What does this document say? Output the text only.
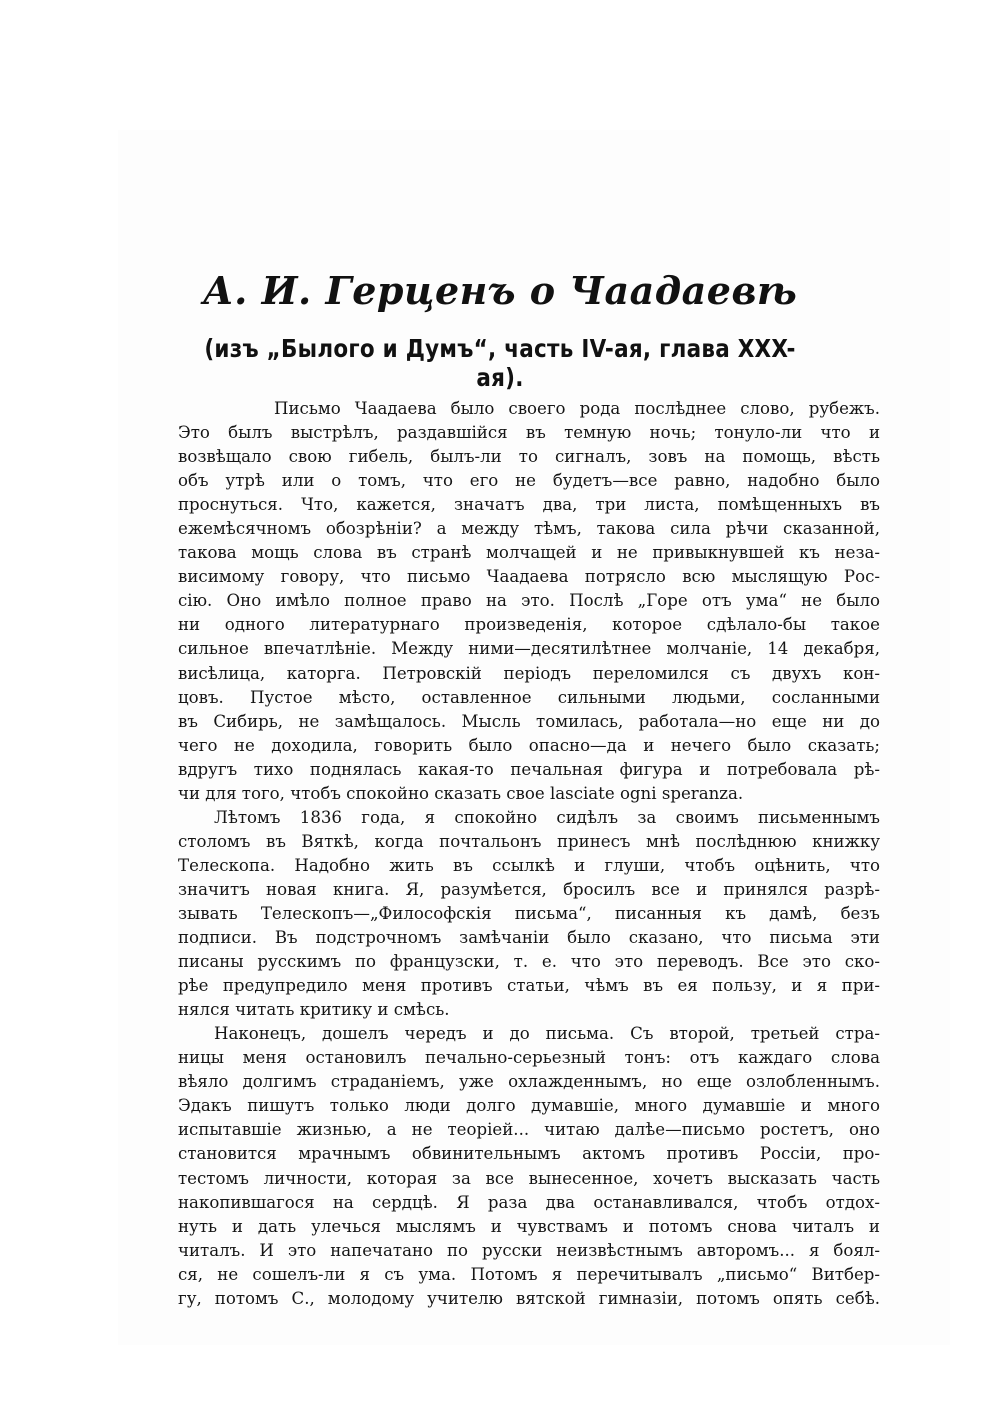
А. И. Герценъ о Чаадаевѣ
(изъ „Былого и Думъ“, часть IV-ая, глава XXX-ая).

Письмо Чаадаева было своего рода послѣднее слово, рубежъ.
Это былъ выстрѣлъ, раздавшійся въ темную ночь; тонуло-ли что и
возвѣщало свою гибель, былъ-ли то сигналъ, зовъ на помощь, вѣсть
объ утрѣ или о томъ, что его не будетъ—все равно, надобно было
проснуться. Что, кажется, значатъ два, три листа, помѣщенныхъ въ
ежемѣсячномъ обозрѣніи? а между тѣмъ, такова сила рѣчи сказанной,
такова мощь слова въ странѣ молчащей и не привыкнувшей къ неза-
висимому говору, что письмо Чаадаева потрясло всю мыслящую Рос-
сію. Оно имѣло полное право на это. Послѣ „Горе отъ ума“ не было
ни одного литературнаго произведенія, которое сдѣлало-бы такое
сильное впечатлѣніе. Между ними—десятилѣтнее молчаніе, 14 декабря,
висѣлица, каторга. Петровскій періодъ переломился съ двухъ кон-
цовъ. Пустое мѣсто, оставленное сильными людьми, сосланными
въ Сибирь, не замѣщалось. Мысль томилась, работала—но еще ни до
чего не доходила, говорить было опасно—да и нечего было сказать;
вдругъ тихо поднялась какая-то печальная фигура и потребовала рѣ-
чи для того, чтобъ спокойно сказать свое lasciate ogni speranza.

Лѣтомъ 1836 года, я спокойно сидѣлъ за своимъ письменнымъ
столомъ въ Вяткѣ, когда почтальонъ принесъ мнѣ послѣднюю книжку
Телескопа. Надобно жить въ ссылкѣ и глуши, чтобъ оцѣнить, что
значитъ новая книга. Я, разумѣется, бросилъ все и принялся разрѣ-
зывать Телескопъ—„Философскія письма“, писанныя къ дамѣ, безъ
подписи. Въ подстрочномъ замѣчаніи было сказано, что письма эти
писаны русскимъ по французски, т. е. что это переводъ. Все это ско-
рѣе предупредило меня противъ статьи, чѣмъ въ ея пользу, и я при-
нялся читать критику и смѣсь.

Наконецъ, дошелъ чередъ и до письма. Съ второй, третьей стра-
ницы меня остановилъ печально-серьезный тонъ: отъ каждаго слова
вѣяло долгимъ страданіемъ, уже охлажденнымъ, но еще озлобленнымъ.
Эдакъ пишутъ только люди долго думавшіе, много думавшіе и много
испытавшіе жизнью, а не теоріей... читаю далѣе—письмо ростетъ, оно
становится мрачнымъ обвинительнымъ актомъ противъ Россіи, про-
тестомъ личности, которая за все вынесенное, хочетъ высказать часть
накопившагося на сердцѣ. Я раза два останавливался, чтобъ отдох-
нуть и дать улечься мыслямъ и чувствамъ и потомъ снова читалъ и
читалъ. И это напечатано по русски неизвѣстнымъ авторомъ... я боял-
ся, не сошелъ-ли я съ ума. Потомъ я перечитывалъ „письмо“ Витбер-
гу, потомъ С., молодому учителю вятской гимназіи, потомъ опять себѣ.
